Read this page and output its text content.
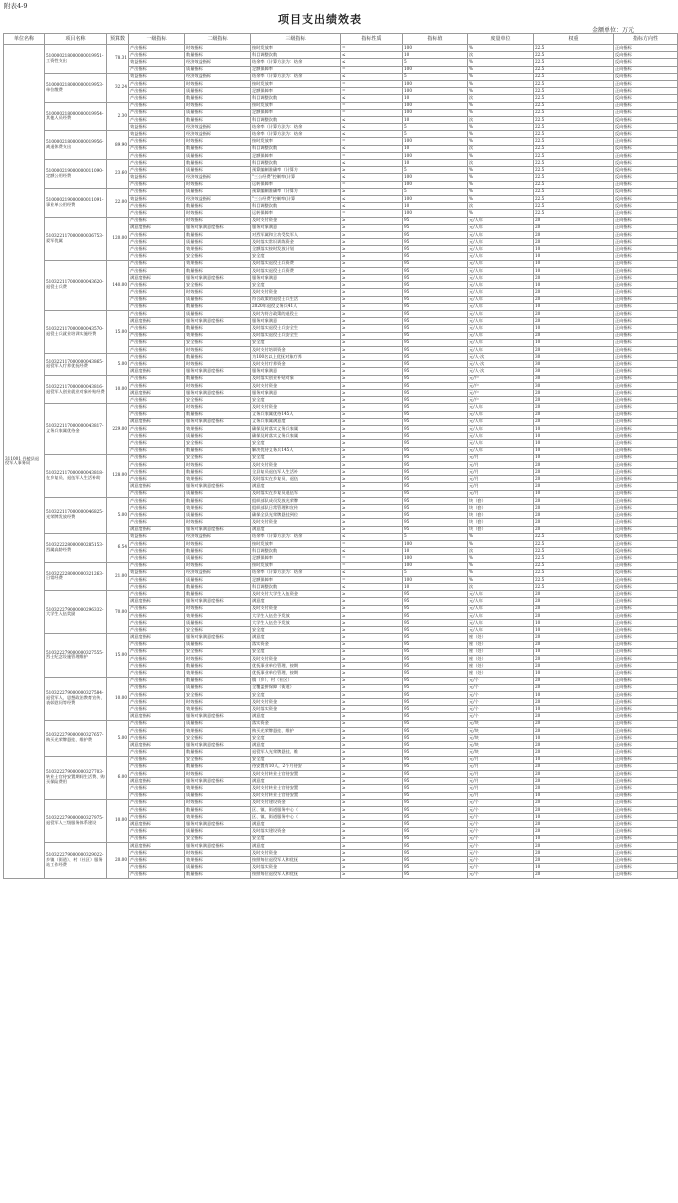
附表4-9
项目支出绩效表
金额单位：万元
单位名称	项目名称	预算数	一级指标	二级指标	三级指标	指标性质	指标值	度量单位	权重	指标方向性
311001 丹棱县退役军人事务局	510000218000000019951-工资性支出	78.31	产出指标	时效指标	按时发放率	=	100	%	22.5	正向指标
			产出指标	数量指标	科目调整次数	≤	10	次	22.5	反向指标
			效益指标	经济效益指标	结余率（计算方法为：结余	≤	5	%	22.5	反向指标
			产出指标	质量指标	足额保障率	=	100	%	22.5	正向指标
	510000218000000019953-单位缴费	32.24	效益指标	经济效益指标	结余率（计算方法为：结余	≤	5	%	22.5	反向指标
			产出指标	时效指标	按时发放率	=	100	%	22.5	正向指标
			产出指标	质量指标	足额保障率	=	100	%	22.5	正向指标
			产出指标	数量指标	科目调整次数	≤	10	次	22.5	反向指标
	510000218000000019954-其他人员经费	2.30	产出指标	时效指标	按时发放率	=	100	%	22.5	正向指标
			产出指标	质量指标	足额保障率	=	100	%	22.5	正向指标
			产出指标	数量指标	科目调整次数	≤	10	次	22.5	反向指标
			效益指标	经济效益指标	结余率（计算方法为：结余	≤	5	%	22.5	反向指标
	510000218000000019956-离退休费支出	89.90	效益指标	经济效益指标	结余率（计算方法为：结余	≤	5	%	22.5	反向指标
			产出指标	时效指标	按时发放率	=	100	%	22.5	正向指标
			产出指标	数量指标	科目调整次数	≤	10	次	22.5	反向指标
			产出指标	质量指标	足额保障率	=	100	%	22.5	正向指标
	510000219000000011090-定额公用经费	23.60	产出指标	数量指标	科目调整次数	≤	10	次	22.5	反向指标
			产出指标	质量指标	预算编制准确率（计算方	≥	5	%	22.5	反向指标
			效益指标	经济效益指标	"三公经费"控制率(计算	≤	100	%	22.5	反向指标
			产出指标	时效指标	运转保障率	=	100	%	22.5	正向指标
	510000219000000011091-事业单公用经费	22.00	产出指标	质量指标	预算编制准确率（计算方	≥	5	%	22.5	反向指标
			效益指标	经济效益指标	"三公经费"控制率(计算	≤	100	%	22.5	反向指标
			产出指标	数量指标	科目调整次数	≤	10	次	22.5	反向指标
			产出指标	时效指标	运转保障率	=	100	%	22.5	正向指标
	510322117000000036753-爱军优属	120.00	产出指标	时效指标	及时支付资金	≥	95	元/人年	20	正向指标
			满意度指标	服务对象满意度指标	服务对象满意	≥	95	元/人年	20	正向指标
			产出指标	数量指标	对烈军属和立功受奖军人	≥	95	元/人年	20	正向指标
			产出指标	质量指标	及时落实常识训练资金	≥	95	元/人年	20	正向指标
			产出指标	效果指标	全额落实按时发放计划	≥	95	元/人年	10	正向指标
			产出指标	安全指标	安全度	≥	95	元/人年	10	正向指标
	510322117000000043620-退役士兵费	140.00	产出指标	效果指标	及时落实退役士兵资费	≥	95	元/人年	10	正向指标
			产出指标	数量指标	及时落实退役士兵资费	≥	95	元/人年	10	正向指标
			满意度指标	服务对象满意度指标	服务对象满意	≥	95	元/人年	20	正向指标
			产出指标	安全指标	安全度	≥	95	元/人年	10	正向指标
			产出指标	时效指标	及时支付资金	≥	95	元/人年	20	正向指标
			产出指标	质量指标	符合政策的退役士兵生活	≥	95	元/人年	20	正向指标
			产出指标	数量指标	2020年退役义务兵41人	≥	95	元/人年	10	正向指标
	510322117000000043570-退役士兵就业培训实施经费	15.00	产出指标	质量指标	及时为符合政策的退役士	≥	95	元/人年	20	正向指标
			满意度指标	服务对象满意度指标	服务对象满意	≥	95	元/人年	20	正向指标
			产出指标	数量指标	及时落实退役士兵安全生	≥	95	元/人年	10	正向指标
			产出指标	效果指标	及时落实退役士兵安全生	≥	95	元/人年	20	正向指标
			产出指标	安全指标	安全度	≥	95	元/人年	10	正向指标
			产出指标	时效指标	及时支付培训资金	≥	95	元/人年	20	正向指标
	510322117000000043865-退役军人疗养优抚经费	5.00	产出指标	数量指标	为100名以上优抚对象疗养	≥	95	元/人·次	30	正向指标
			产出指标	时效指标	及时支付疗养资金	≥	95	元/人·次	30	正向指标
			满意度指标	服务对象满意度指标	服务对象满意	≥	95	元/人·次	30	正向指标
	510322117000000043816-退役军人创业就业对象补贴经费	10.00	产出指标	数量指标	及时落实创业补贴对象	≥	95	元/户	30	正向指标
			产出指标	时效指标	及时支付资金	≥	95	元/户	30	正向指标
			满意度指标	服务对象满意度指标	服务对象满意	≥	95	元/户	20	正向指标
			产出指标	安全指标	安全度	≥	95	元/户	20	正向指标
	510322117000000043817-义务兵家属优待金	229.00	产出指标	时效指标	及时支付资金	≥	95	元/人年	20	正向指标
			产出指标	数量指标	义务兵家属优待145人	≥	95	元/人年	20	正向指标
			满意度指标	服务对象满意度指标	义务兵家属满意度	≥	95	元/人年	20	正向指标
			产出指标	效果指标	确保及时落实义务兵家属	≥	95	元/人年	10	正向指标
			产出指标	质量指标	确保及时落实义务兵家属	≥	95	元/人年	10	正向指标
			产出指标	安全指标	安全度	≥	95	元/人年	10	正向指标
			产出指标	数量指标	解决优待义务兵145人	≥	95	元/人年	10	正向指标
	510322117000000043818-在乡复员、退伍军人生活补助	128.00	产出指标	安全指标	安全度	≥	95	元/月	10	正向指标
			产出指标	时效指标	及时支付资金	≥	95	元/月	20	正向指标
			产出指标	数量指标	全县复员退伍军人生活补	≥	95	元/月	20	正向指标
			产出指标	效果指标	及时落实在乡复员、退伍	≥	95	元/月	20	正向指标
			满意度指标	服务对象满意度指标	满意度	≥	95	元/月	20	正向指标
			产出指标	质量指标	及时落实在乡复员退伍军	≥	95	元/月	10	正向指标
	510322117000000046825-光荣牌发放经费	5.00	产出指标	数量指标	组织部队成员发放光荣牌	≥	95	块（套）	20	正向指标
			产出指标	效果指标	组织部队日常管理和宣传	≥	95	块（套）	20	正向指标
			产出指标	质量指标	确保全县光荣牌悬挂到位	≥	95	块（套）	20	正向指标
			产出指标	时效指标	及时支付资金	≥	95	块（套）	20	正向指标
			满意度指标	服务对象满意度指标	满意度	≥	95	块（套）	20	正向指标
	510322228000000285153-烈属高龄经费	6.54	效益指标	经济效益指标	结余率（计算方法为：结余	≤	5	%	22.5	反向指标
			产出指标	时效指标	按时发放率	=	100	%	22.5	正向指标
			产出指标	数量指标	科目调整次数	≤	10	次	22.5	反向指标
			产出指标	质量指标	足额保障率	=	100	%	22.5	正向指标
	510322228000000321263-日常经费	21.00	产出指标	时效指标	按时发放率	=	100	%	22.5	正向指标
			效益指标	经济效益指标	结余率（计算方法为：结余	≤	5	%	22.5	反向指标
			产出指标	质量指标	足额保障率	=	100	%	22.5	正向指标
			产出指标	数量指标	科目调整次数	≤	10	次	22.5	反向指标
	510322279000000296332-大学生入伍奖励	70.00	产出指标	数量指标	及时支付大学生入伍资金	≥	95	元/人年	20	正向指标
			满意度指标	服务对象满意度指标	满意度	≥	95	元/人年	20	正向指标
			产出指标	时效指标	及时支付资金	≥	95	元/人年	20	正向指标
			产出指标	效果指标	大学生入伍会予发放	≥	95	元/人年	20	正向指标
			产出指标	质量指标	大学生入伍会予发放	≥	95	元/人年	10	正向指标
			产出指标	安全指标	安全度	≥	95	元/人年	10	正向指标
	510322279000000327555-烈士纪念设施管理维护	15.00	满意度指标	服务对象满意度指标	满意度	≥	95	座（处）	20	正向指标
			产出指标	质量指标	落实资金	≥	95	座（处）	20	正向指标
			产出指标	安全指标	安全度	≥	95	座（处）	10	正向指标
			产出指标	时效指标	及时支付资金	≥	95	座（处）	20	正向指标
			产出指标	数量指标	优抚事业单位管理、按期	≥	95	座（处）	20	正向指标
			产出指标	效果指标	优抚事业单位管理、按期	≥	95	座（处）	10	正向指标
	510322279000000327584-退役军人、思想政治教育宣传、表彰慰问等经费	10.00	产出指标	数量指标	镇（乡）、村（社区）	≥	95	元/个	20	正向指标
			产出指标	质量指标	全覆盖拼保障（街道）	≥	95	元/个	20	正向指标
			产出指标	安全指标	安全度	≥	95	元/个	10	正向指标
			产出指标	时效指标	及时支付资金	≥	95	元/个	20	正向指标
			产出指标	效果指标	及时落实资金	≥	95	元/个	10	正向指标
			满意度指标	服务对象满意度指标	满意度	≥	95	元/个	20	正向指标
	510322279000000327657-购买光荣牌悬挂、维护费	5.00	产出指标	质量指标	落实资金	≥	95	元/块	20	正向指标
			产出指标	效果指标	购买光荣牌悬挂、维护	≥	95	元/块	20	正向指标
			产出指标	安全指标	安全度	≥	95	元/块	10	正向指标
			满意度指标	服务对象满意度指标	满意度	≥	95	元/块	20	正向指标
			产出指标	数量指标	退役军人光荣牌悬挂、维	≥	95	元/块	20	正向指标
	510322279000000327703-转业士官待安置期间生活费、购买保险费用	6.00	产出指标	安全指标	安全度	≥	95	元/月	10	正向指标
			产出指标	数量指标	待安置有10人，2个月待安	≥	95	元/月	20	正向指标
			产出指标	时效指标	及时支付转业士官待安置	≥	95	元/月	20	正向指标
			满意度指标	服务对象满意度指标	满意度	≥	95	元/月	20	正向指标
			产出指标	效果指标	及时支付转业士官待安置	≥	95	元/月	20	正向指标
			产出指标	质量指标	及时支付转业士官待安置	≥	95	元/月	10	正向指标
	510322279000000327975-退役军人三级服务体系建设	10.00	产出指标	时效指标	及时支付建设资金	≥	95	元/个	20	正向指标
			产出指标	数量指标	区、镇、街道服务中心（	≥	95	元/个	20	正向指标
			产出指标	效果指标	区、镇、街道服务中心（	≥	95	元/个	10	正向指标
			满意度指标	服务对象满意度指标	满意度	≥	95	元/个	20	正向指标
			产出指标	质量指标	及时落实建设资金	≥	95	元/个	20	正向指标
			产出指标	安全指标	安全度	≥	95	元/个	10	正向指标
	510322279000000329022-乡镇（街道）、村（社区）服务站工作经费	20.00	满意度指标	服务对象满意度指标	满意度	≥	95	元/个	20	正向指标
			产出指标	时效指标	及时支付资金	≥	95	元/个	20	正向指标
			产出指标	效果指标	按照每位退役军人和优抚	≥	95	元/个	20	正向指标
			产出指标	质量指标	及时落实资金	≥	95	元/个	10	正向指标
			产出指标	数量指标	按照每位退役军人和优抚	≥	95	元/个	20	正向指标
